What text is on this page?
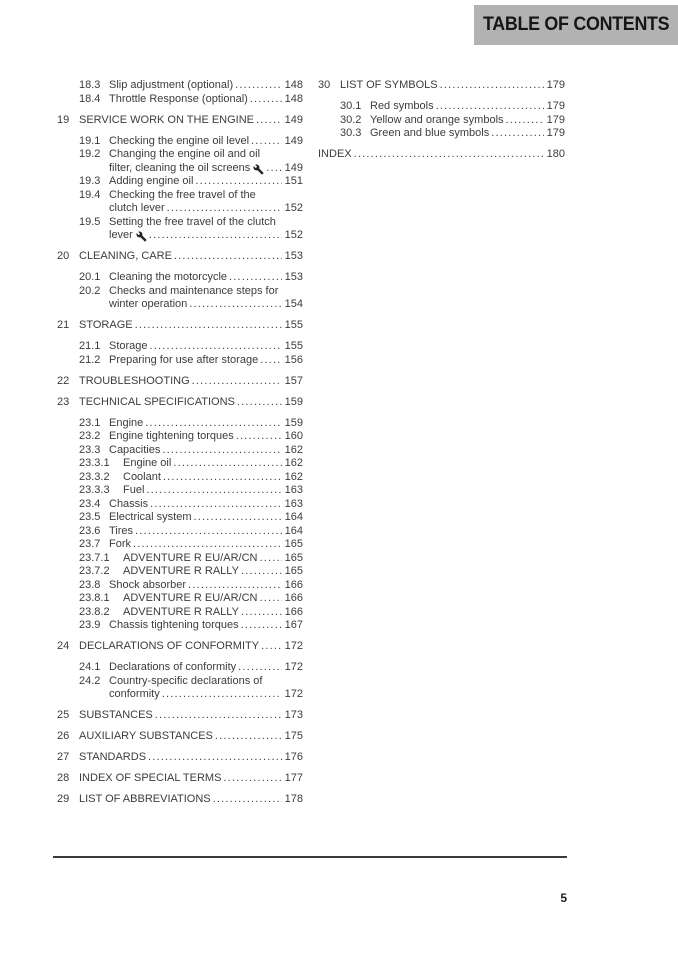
TABLE OF CONTENTS
18.3 Slip adjustment (optional) .....	148
18.4 Throttle Response (optional) .....	148
19 SERVICE WORK ON THE ENGINE .....	149
19.1 Checking the engine oil level .....	149
19.2 Changing the engine oil and oil
filter, cleaning the oil screens .....	149
19.3 Adding engine oil .....	151
19.4 Checking the free travel of the
clutch lever .....	152
19.5 Setting the free travel of the clutch
lever .....	152
20 CLEANING, CARE .....	153
20.1 Cleaning the motorcycle .....	153
20.2 Checks and maintenance steps for
winter operation .....	154
21 STORAGE .....	155
21.1 Storage .....	155
21.2 Preparing for use after storage ..... 156
22 TROUBLESHOOTING .....	157
23 TECHNICAL SPECIFICATIONS .....	159
23.1 Engine .....	159
23.2 Engine tightening torques .....	160
23.3 Capacities .....	162
23.3.1	Engine oil .....	162
23.3.2	Coolant .....	162
23.3.3	Fuel .....	163
23.4 Chassis .....	163
23.5 Electrical system .....	164
23.6 Tires .....	164
23.7 Fork .....	165
23.7.1	ADVENTURE R EU/AR/CN ..... 165
23.7.2	ADVENTURE R RALLY .....	165
23.8 Shock absorber .....	166
23.8.1	ADVENTURE R EU/AR/CN ..... 166
23.8.2	ADVENTURE R RALLY .....	166
23.9 Chassis tightening torques .....	167
24 DECLARATIONS OF CONFORMITY ..... 172
24.1 Declarations of conformity .....	172
24.2 Country-specific declarations of
conformity .....	172
25 SUBSTANCES .....	173
26 AUXILIARY SUBSTANCES .....	175
27 STANDARDS .....	176
28 INDEX OF SPECIAL TERMS .....	177
29 LIST OF ABBREVIATIONS .....	178
30 LIST OF SYMBOLS .....	179
30.1 Red symbols .....	179
30.2 Yellow and orange symbols .....	179
30.3 Green and blue symbols .....	179
INDEX .....	180
5
